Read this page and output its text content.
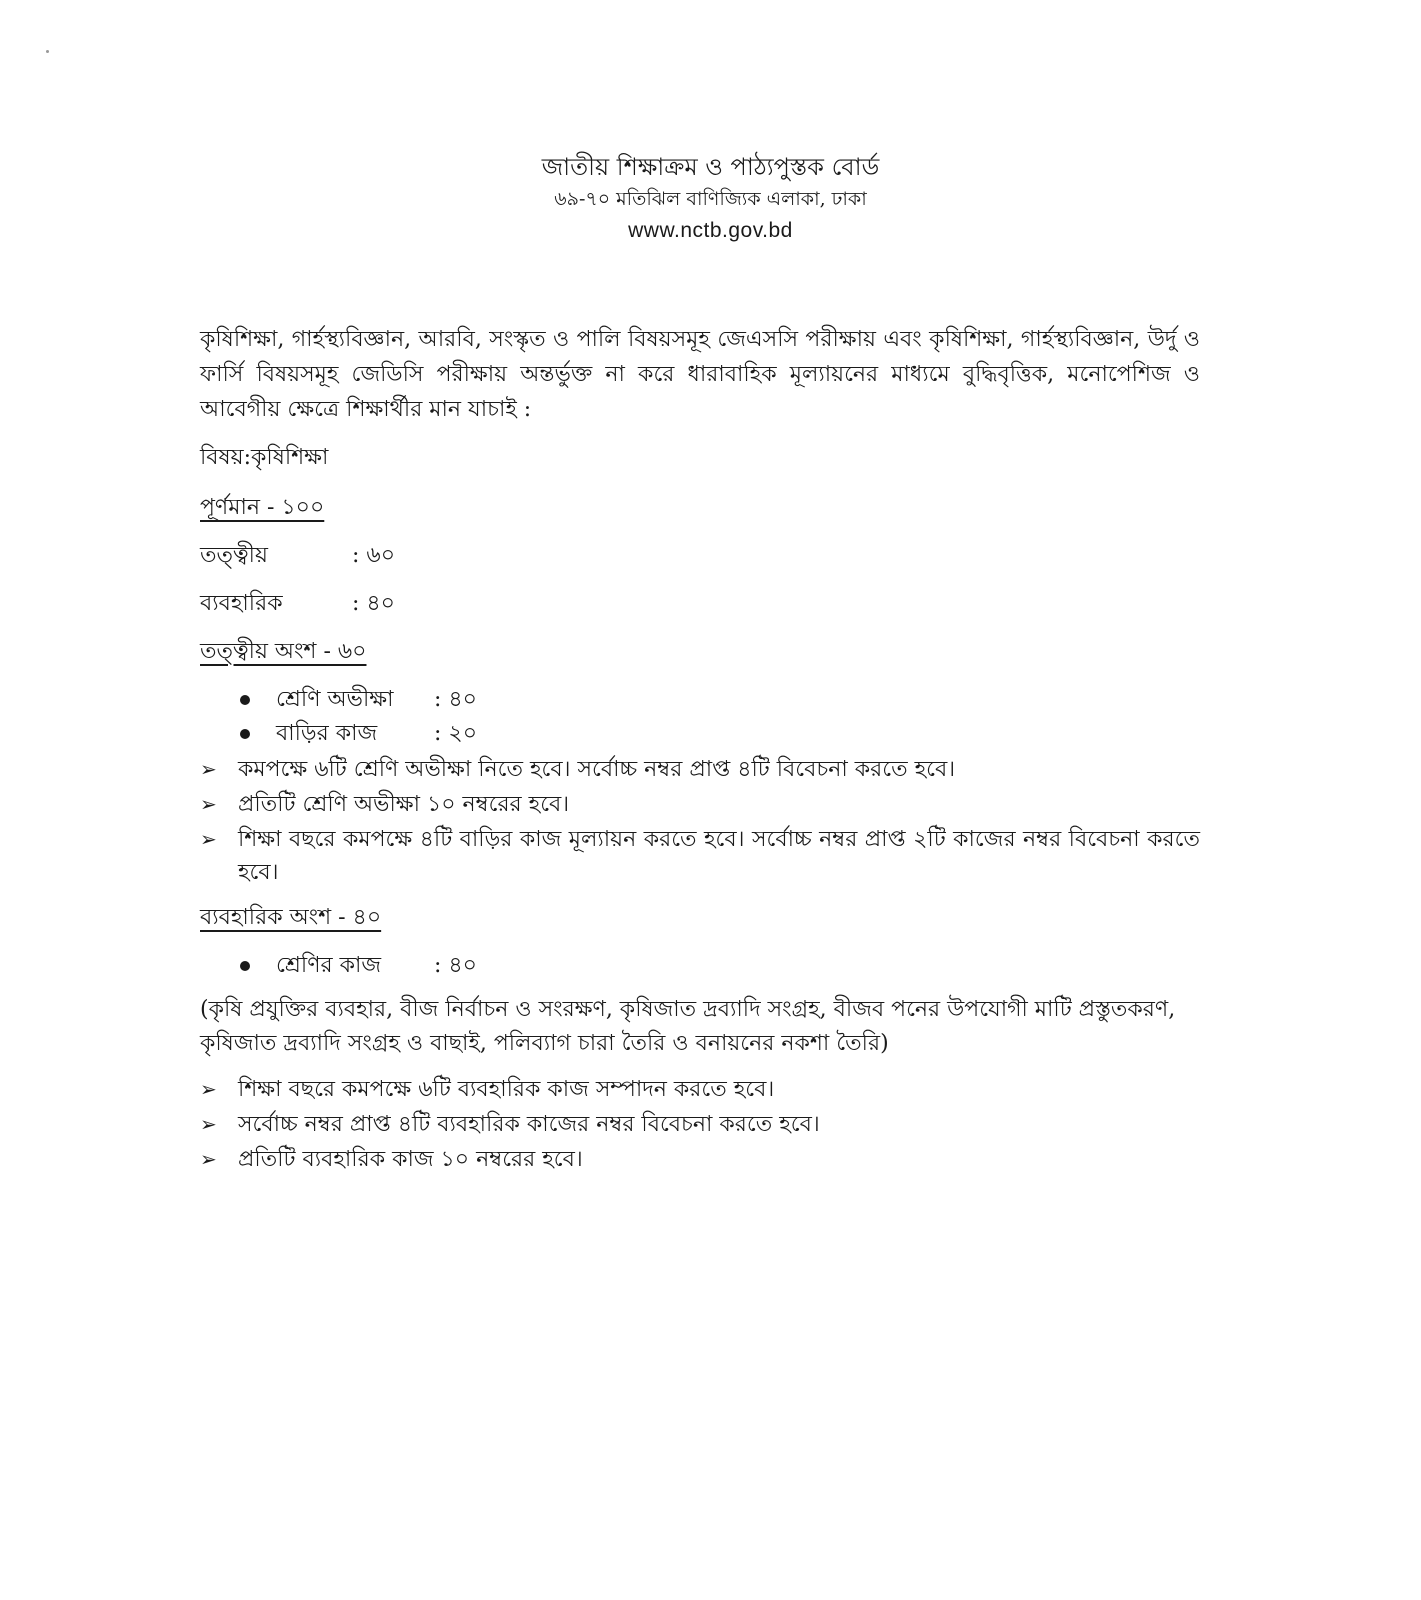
জাতীয় শিক্ষাক্রম ও পাঠ্যপুস্তক বোর্ড
৬৯-৭০ মতিঝিল বাণিজ্যিক এলাকা, ঢাকা
www.nctb.gov.bd

কৃষিশিক্ষা, গার্হস্থ্যবিজ্ঞান, আরবি, সংস্কৃত ও পালি বিষয়সমূহ জেএসসি পরীক্ষায় এবং কৃষিশিক্ষা, গার্হস্থ্যবিজ্ঞান, উর্দু ও ফার্সি বিষয়সমূহ জেডিসি পরীক্ষায় অন্তর্ভুক্ত না করে ধারাবাহিক মূল্যায়নের মাধ্যমে বুদ্ধিবৃত্তিক, মনোপেশিজ ও আবেগীয় ক্ষেত্রে শিক্ষার্থীর মান যাচাই :

বিষয়:কৃষিশিক্ষা
পূর্ণমান - ১০০
তত্ত্বীয়	: ৬০
ব্যবহারিক	: ৪০
তত্ত্বীয় অংশ - ৬০
শ্রেণি অভীক্ষা	: ৪০
বাড়ির কাজ	: ২০
➢ কমপক্ষে ৬টি শ্রেণি অভীক্ষা নিতে হবে। সর্বোচ্চ নম্বর প্রাপ্ত ৪টি বিবেচনা করতে হবে।
➢ প্রতিটি শ্রেণি অভীক্ষা ১০ নম্বরের হবে।
➢ শিক্ষা বছরে কমপক্ষে ৪টি বাড়ির কাজ মূল্যায়ন করতে হবে। সর্বোচ্চ নম্বর প্রাপ্ত ২টি কাজের নম্বর বিবেচনা করতে হবে।
ব্যবহারিক অংশ - ৪০
শ্রেণির কাজ	: ৪০

(কৃষি প্রযুক্তির ব্যবহার, বীজ নির্বাচন ও সংরক্ষণ, কৃষিজাত দ্রব্যাদি সংগ্রহ, বীজব পনের উপযোগী মাটি প্রস্তুতকরণ, কৃষিজাত দ্রব্যাদি সংগ্রহ ও বাছাই, পলিব্যাগ চারা তৈরি ও বনায়নের নকশা তৈরি)

➢ শিক্ষা বছরে কমপক্ষে ৬টি ব্যবহারিক কাজ সম্পাদন করতে হবে।
➢ সর্বোচ্চ নম্বর প্রাপ্ত ৪টি ব্যবহারিক কাজের নম্বর বিবেচনা করতে হবে।
➢ প্রতিটি ব্যবহারিক কাজ ১০ নম্বরের হবে।
